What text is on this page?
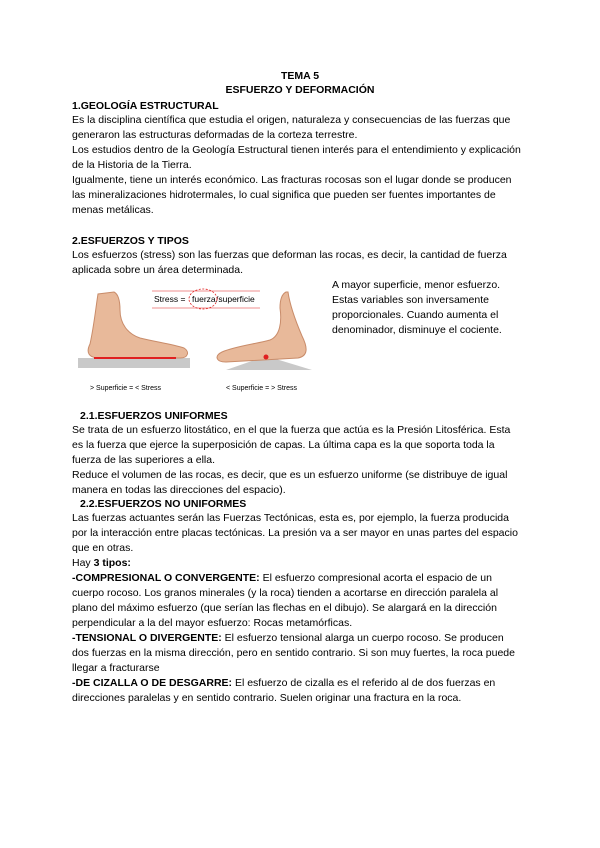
TEMA 5
ESFUERZO Y DEFORMACIÓN
1.GEOLOGÍA ESTRUCTURAL

Es la disciplina científica que estudia el origen, naturaleza y consecuencias de las fuerzas que generaron las estructuras deformadas de la corteza terrestre.

Los estudios dentro de la Geología Estructural tienen interés para el entendimiento y explicación de la Historia de la Tierra.

Igualmente, tiene un interés económico. Las fracturas rocosas son el lugar donde se producen las mineralizaciones hidrotermales, lo cual significa que pueden ser fuentes importantes de menas metálicas.

2.ESFUERZOS Y TIPOS

Los esfuerzos (stress) son las fuerzas que deforman las rocas, es decir, la cantidad de fuerza aplicada sobre un área determinada.

Stress = fuerza /superficie
> Superficie = < Stress	< Superficie = > Stress

A mayor superficie, menor esfuerzo. Estas variables son inversamente proporcionales. Cuando aumenta el denominador, disminuye el cociente.

2.1.ESFUERZOS UNIFORMES

Se trata de un esfuerzo litostático, en el que la fuerza que actúa es la Presión Litosférica. Esta es la fuerza que ejerce la superposición de capas. La última capa es la que soporta toda la fuerza de las superiores a ella.

Reduce el volumen de las rocas, es decir, que es un esfuerzo uniforme (se distribuye de igual manera en todas las direcciones del espacio).

2.2.ESFUERZOS NO UNIFORMES

Las fuerzas actuantes serán las Fuerzas Tectónicas, esta es, por ejemplo, la fuerza producida por la interacción entre placas tectónicas. La presión va a ser mayor en unas partes del espacio que en otras.

Hay 3 tipos:

-COMPRESIONAL O CONVERGENTE: El esfuerzo compresional acorta el espacio de un cuerpo rocoso. Los granos minerales (y la roca) tienden a acortarse en dirección paralela al plano del máximo esfuerzo (que serían las flechas en el dibujo). Se alargará en la dirección perpendicular a la del mayor esfuerzo: Rocas metamórficas.

-TENSIONAL O DIVERGENTE: El esfuerzo tensional alarga un cuerpo rocoso. Se producen dos fuerzas en la misma dirección, pero en sentido contrario. Si son muy fuertes, la roca puede llegar a fracturarse

-DE CIZALLA O DE DESGARRE: El esfuerzo de cizalla es el referido al de dos fuerzas en direcciones paralelas y en sentido contrario. Suelen originar una fractura en la roca.
